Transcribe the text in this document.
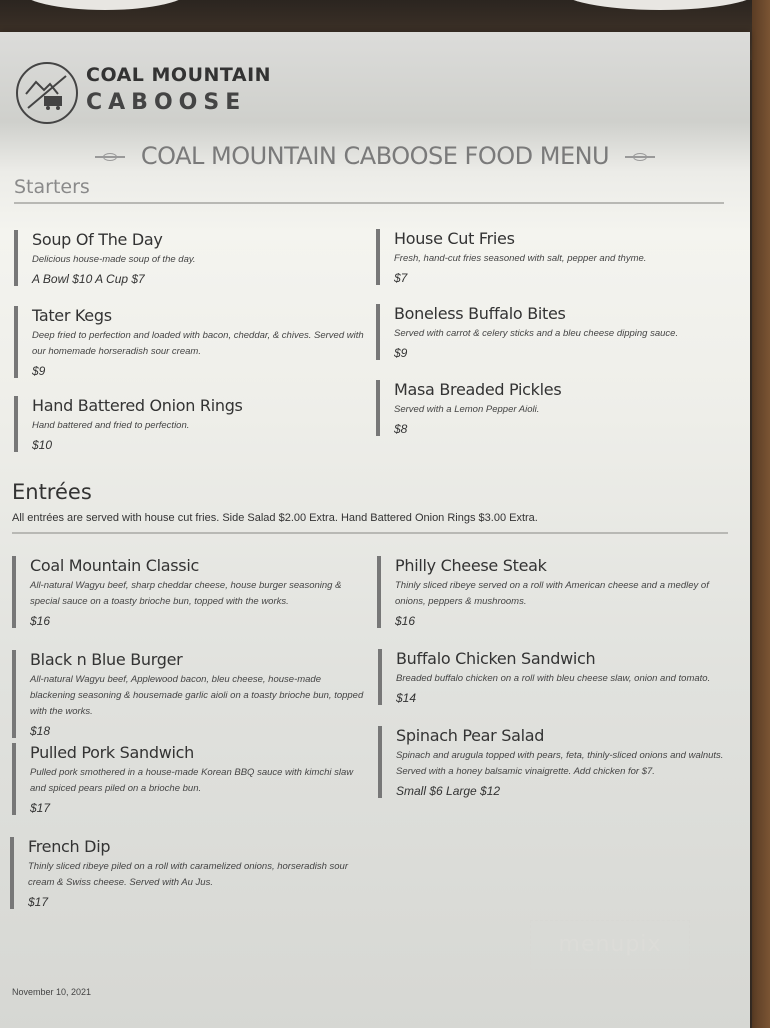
COAL MOUNTAIN
CABOOSE
COAL MOUNTAIN CABOOSE FOOD MENU
Starters
Soup Of The Day
Delicious house-made soup of the day.
A Bowl $10 A Cup $7
Tater Kegs
Deep fried to perfection and loaded with bacon, cheddar, & chives. Served with our homemade horseradish sour cream.
$9
Hand Battered Onion Rings
Hand battered and fried to perfection.
$10
House Cut Fries
Fresh, hand-cut fries seasoned with salt, pepper and thyme.
$7
Boneless Buffalo Bites
Served with carrot & celery sticks and a bleu cheese dipping sauce.
$9
Masa Breaded Pickles
Served with a Lemon Pepper Aioli.
$8
Entrées
All entrées are served with house cut fries. Side Salad $2.00 Extra. Hand Battered Onion Rings $3.00 Extra.
Coal Mountain Classic
All-natural Wagyu beef, sharp cheddar cheese, house burger seasoning & special sauce on a toasty brioche bun, topped with the works.
$16
Black n Blue Burger
All-natural Wagyu beef, Applewood bacon, bleu cheese, house-made blackening seasoning & housemade garlic aioli on a toasty brioche bun, topped with the works.
$18
Pulled Pork Sandwich
Pulled pork smothered in a house-made Korean BBQ sauce with kimchi slaw and spiced pears piled on a brioche bun.
$17
French Dip
Thinly sliced ribeye piled on a roll with caramelized onions, horseradish sour cream & Swiss cheese. Served with Au Jus.
$17
Philly Cheese Steak
Thinly sliced ribeye served on a roll with American cheese and a medley of onions, peppers & mushrooms.
$16
Buffalo Chicken Sandwich
Breaded buffalo chicken on a roll with bleu cheese slaw, onion and tomato.
$14
Spinach Pear Salad
Spinach and arugula topped with pears, feta, thinly-sliced onions and walnuts. Served with a honey balsamic vinaigrette. Add chicken for $7.
Small $6 Large $12
menupix
November 10, 2021
